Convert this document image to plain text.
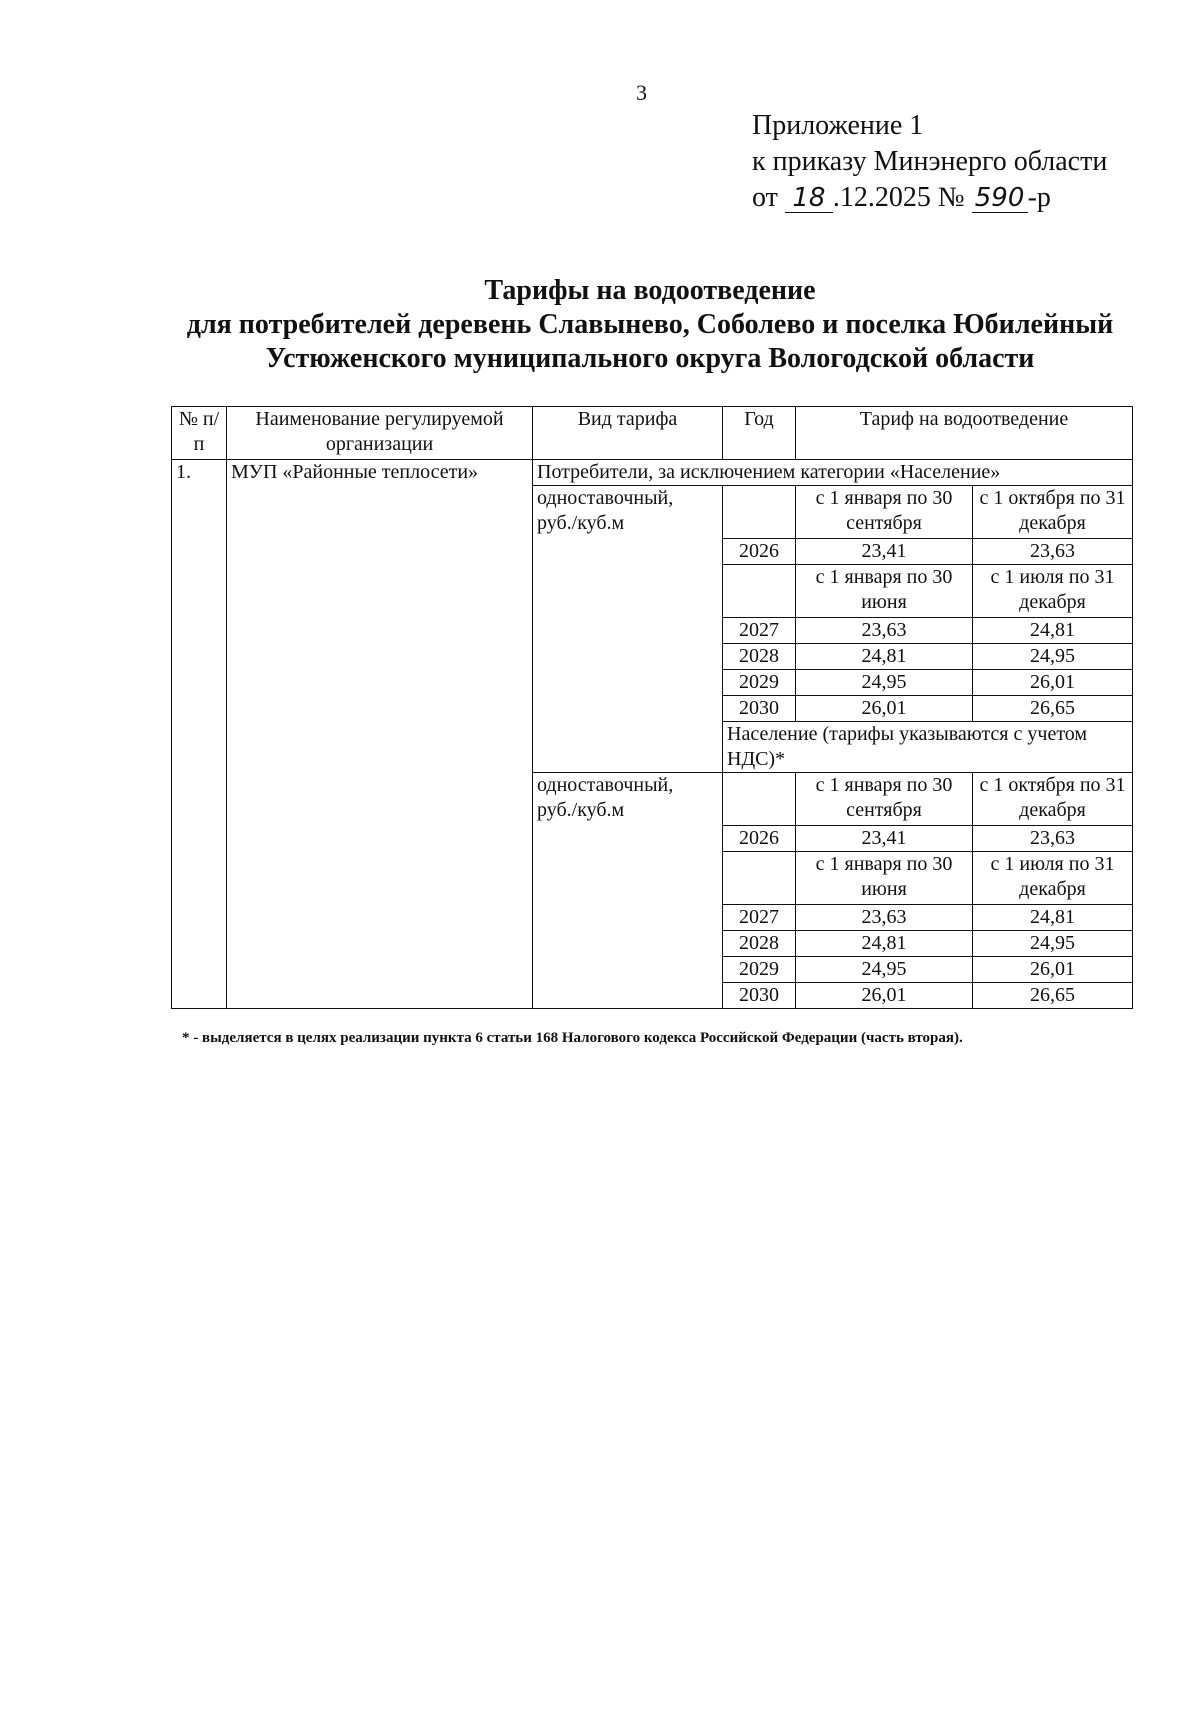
3
Приложение 1
к приказу Минэнерго области
от 18 .12.2025 № 590 -р
Тарифы на водоотведение
для потребителей деревень Славынево, Соболево и поселка Юбилейный
Устюженского муниципального округа Вологодской области
№ п/п	Наименование регулируемой организации	Вид тарифа	Год	Тариф на водоотведение	
1.	МУП «Районные теплосети»	Потребители, за исключением категории «Население»			
		одноставочный, руб./куб.м		с 1 января по 30 сентября	с 1 октября по 31 декабря
			2026	23,41	23,63
				с 1 января по 30 июня	с 1 июля по 31 декабря
			2027	23,63	24,81
			2028	24,81	24,95
			2029	24,95	26,01
			2030	26,01	26,65
			Население (тарифы указываются с учетом НДС)*		
		одноставочный, руб./куб.м		с 1 января по 30 сентября	с 1 октября по 31 декабря
			2026	23,41	23,63
				с 1 января по 30 июня	с 1 июля по 31 декабря
			2027	23,63	24,81
			2028	24,81	24,95
			2029	24,95	26,01
			2030	26,01	26,65
* - выделяется в целях реализации пункта 6 статьи 168 Налогового кодекса Российской Федерации (часть вторая).
